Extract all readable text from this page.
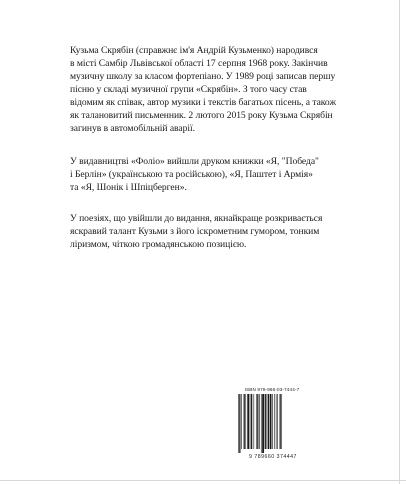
Кузьма Скрябін (справжнє ім'я Андрій Кузьменко) народився

в місті Самбір Львівської області 17 серпня 1968 року. Закінчив

музичну школу за класом фортепіано. У 1989 році записав першу

пісню у складі музичної групи «Скрябін». З того часу став

відомим як співак, автор музики і текстів багатьох пісень, а також

як талановитий письменник. 2 лютого 2015 року Кузьма Скрябін

загинув в автомобільній аварії.

У видавництві «Фоліо» вийшли друком книжки «Я, "Победа"

і Берлін» (українською та російською), «Я, Паштет і Армія»

та «Я, Шонік і Шпіцберген».

У поезіях, що увійшли до видання, якнайкраще розкривається

яскравий талант Кузьми з його іскрометним гумором, тонким

ліризмом, чіткою громадянською позицією.

ISBN 978-966-03-7444-7
9 789660 374447
